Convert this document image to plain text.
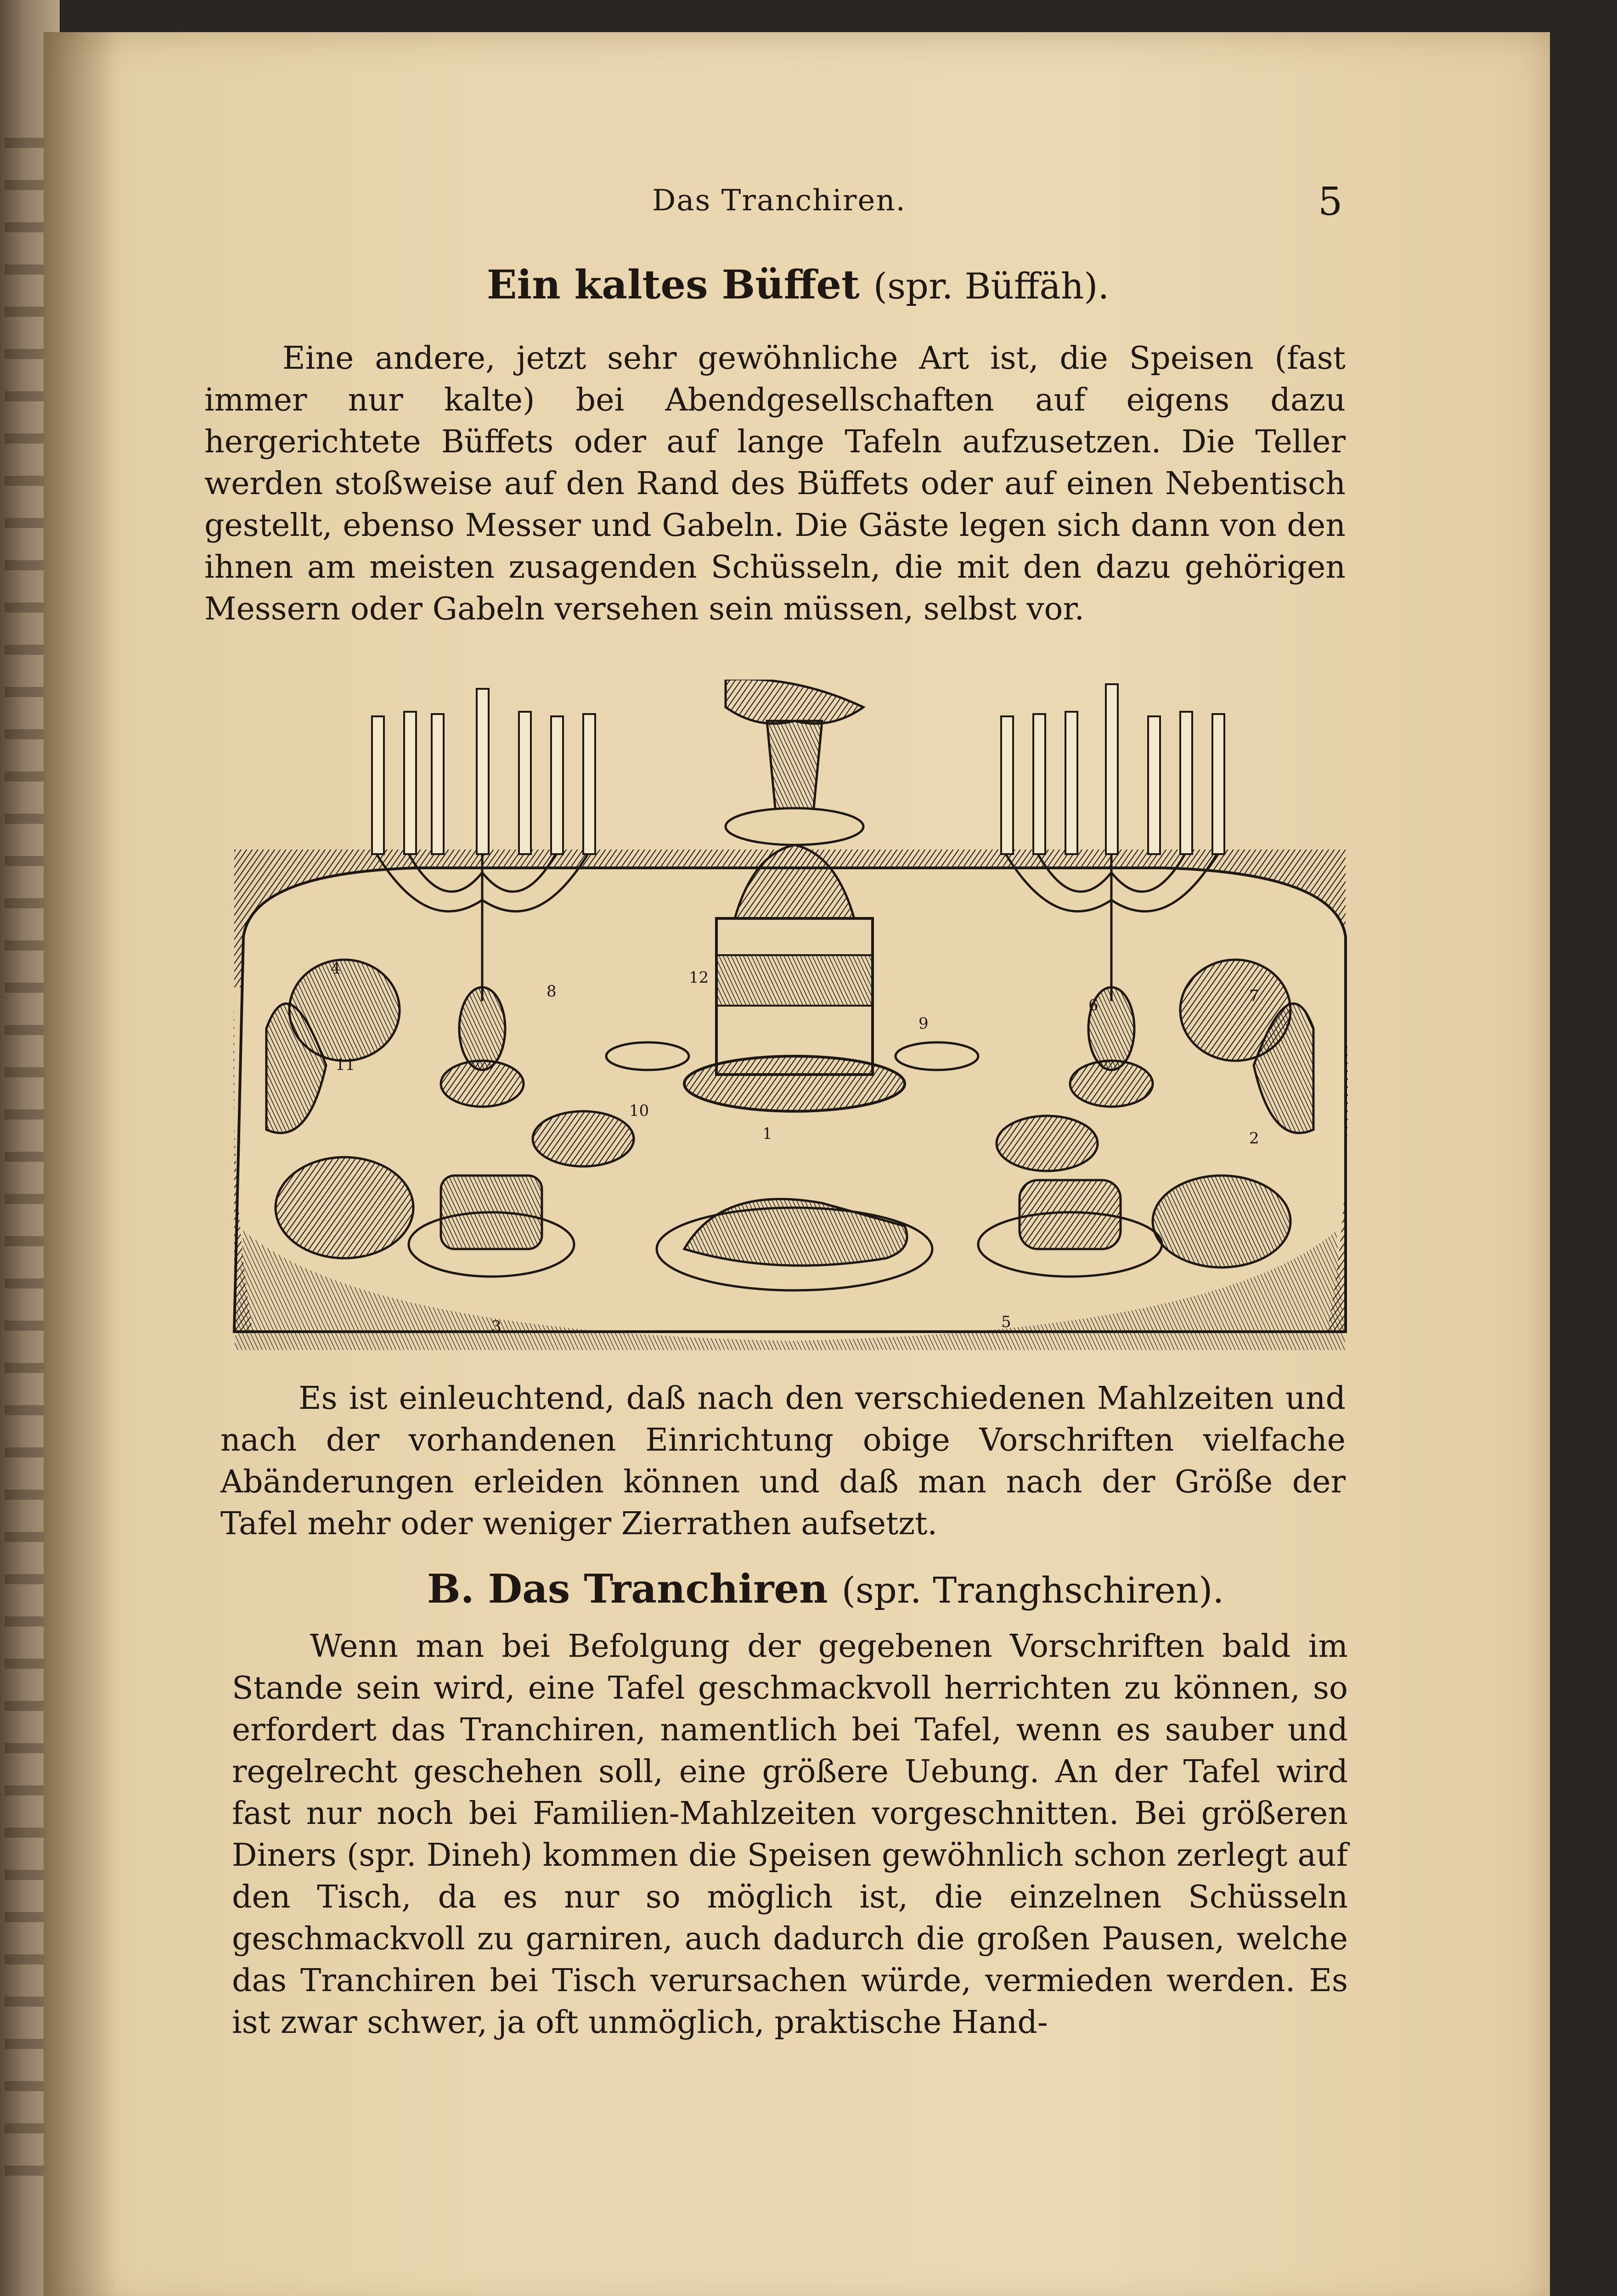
Das Tranchiren.	5
Ein kaltes Büffet (spr. Büffäh).
Eine andere, jetzt sehr gewöhnliche Art ist, die Speisen (fast immer nur kalte) bei Abendgesellschaften auf eigens dazu hergerichtete Büffets oder auf lange Tafeln aufzusetzen. Die Teller werden stoßweise auf den Rand des Büffets oder auf einen Nebentisch gestellt, ebenso Messer und Gabeln. Die Gäste legen sich dann von den ihnen am meisten zusagenden Schüsseln, die mit den dazu gehörigen Messern oder Gabeln versehen sein müssen, selbst vor.
4
8
11
10
12
3
1
6	7
2
5
9
Es ist einleuchtend, daß nach den verschiedenen Mahlzeiten und nach der vorhandenen Einrichtung obige Vorschriften vielfache Abänderungen erleiden können und daß man nach der Größe der Tafel mehr oder weniger Zierrathen aufsetzt.
B. Das Tranchiren (spr. Tranghschiren).
Wenn man bei Befolgung der gegebenen Vorschriften bald im Stande sein wird, eine Tafel geschmackvoll herrichten zu können, so erfordert das Tranchiren, namentlich bei Tafel, wenn es sauber und regelrecht geschehen soll, eine größere Uebung. An der Tafel wird fast nur noch bei Familien-Mahlzeiten vorgeschnitten. Bei größeren Diners (spr. Dineh) kommen die Speisen gewöhnlich schon zerlegt auf den Tisch, da es nur so möglich ist, die einzelnen Schüsseln geschmackvoll zu garniren, auch dadurch die großen Pausen, welche das Tranchiren bei Tisch verursachen würde, vermieden werden. Es ist zwar schwer, ja oft unmöglich, praktische Hand-
